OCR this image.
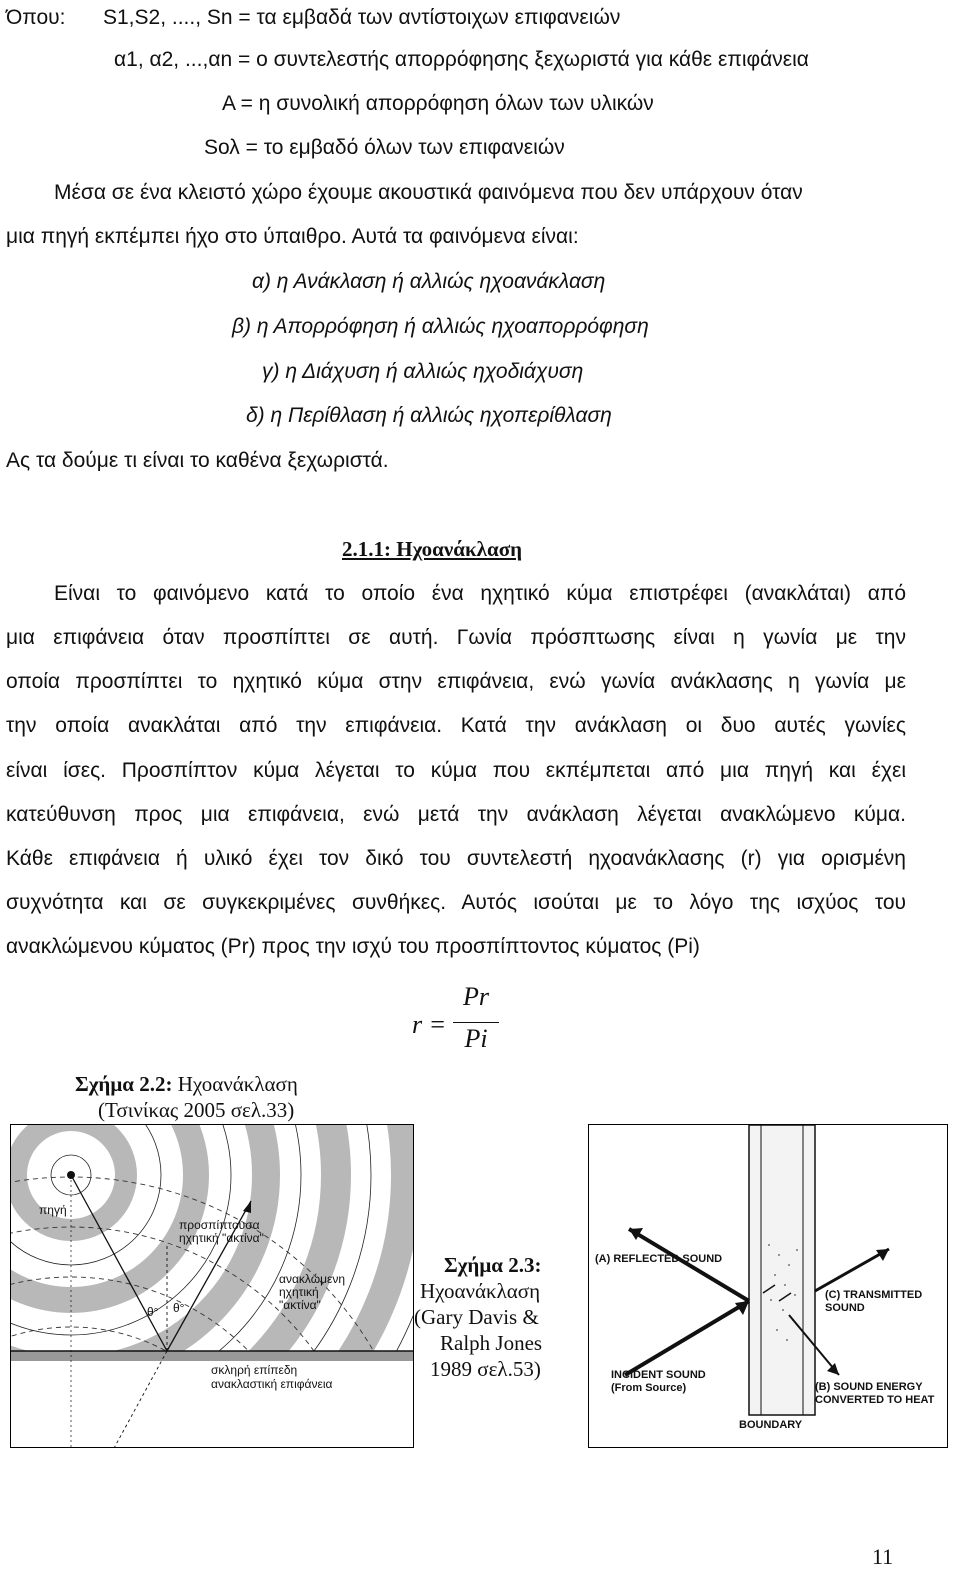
Όπου: S1,S2, ...., Sn = τα εμβαδά των αντίστοιχων επιφανειών
α1, α2, ...,αn = ο συντελεστής απορρόφησης ξεχωριστά για κάθε επιφάνεια
Α = η συνολική απορρόφηση όλων των υλικών
Sολ = το εμβαδό όλων των επιφανειών
Μέσα σε ένα κλειστό χώρο έχουμε ακουστικά φαινόμενα που δεν υπάρχουν όταν
μια πηγή εκπέμπει ήχο στο ύπαιθρο. Αυτά τα φαινόμενα είναι:
α) η Ανάκλαση ή αλλιώς ηχοανάκλαση
β) η Απορρόφηση ή αλλιώς ηχοαπορρόφηση
γ) η Διάχυση ή αλλιώς ηχοδιάχυση
δ) η Περίθλαση ή αλλιώς ηχοπερίθλαση
Ας τα δούμε τι είναι το καθένα ξεχωριστά.
2.1.1: Ηχοανάκλαση
Είναι το φαινόμενο κατά το οποίο ένα ηχητικό κύμα επιστρέφει (ανακλάται) από
μια επιφάνεια όταν προσπίπτει σε αυτή. Γωνία πρόσπτωσης είναι η γωνία με την
οποία προσπίπτει το ηχητικό κύμα στην επιφάνεια, ενώ γωνία ανάκλασης η γωνία με
την οποία ανακλάται από την επιφάνεια. Κατά την ανάκλαση οι δυο αυτές γωνίες
είναι ίσες. Προσπίπτον κύμα λέγεται το κύμα που εκπέμπεται από μια πηγή και έχει
κατεύθυνση προς μια επιφάνεια, ενώ μετά την ανάκλαση λέγεται ανακλώμενο κύμα.
Κάθε επιφάνεια ή υλικό έχει τον δικό του συντελεστή ηχοανάκλασης (r) για ορισμένη
συχνότητα και σε συγκεκριμένες συνθήκες. Αυτός ισούται με το λόγο της ισχύος του
ανακλώμενου κύματος (Pr) προς την ισχύ του προσπίπτοντος κύματος (Pi)
r =
Pr
Pi
Σχήμα 2.2: Ηχοανάκλαση
(Τσινίκας 2005 σελ.33)
πηγή
προσπίπτουσα ηχητική "ακτίνα"
ανακλώμενη ηχητική "ακτίνα"
θ° θ°
σκληρή επίπεδη ανακλαστική επιφάνεια
Σχήμα 2.3:
Ηχοανάκλαση
(Gary Davis &
Ralph Jones
1989 σελ.53)
(A) REFLECTED SOUND
(C) TRANSMITTED SOUND
INCIDENT SOUND (From Source)	(B) SOUND ENERGY CONVERTED TO HEAT
BOUNDARY
11
